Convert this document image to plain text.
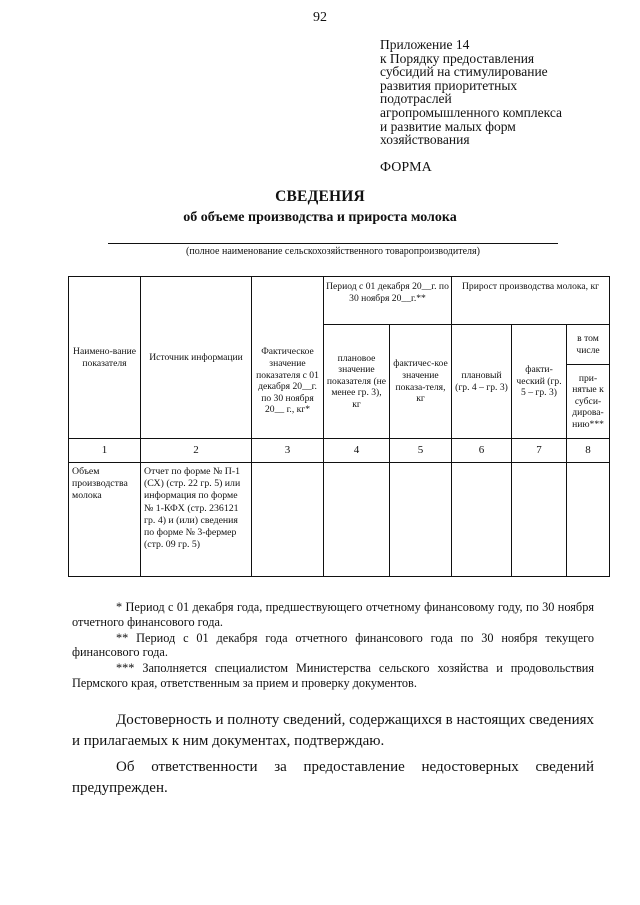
92
Приложение 14
к Порядку предоставления
субсидий на стимулирование
развития приоритетных
подотраслей
агропромышленного комплекса
и развитие малых форм
хозяйствования
ФОРМА
СВЕДЕНИЯ
об объеме производства и прироста молока
(полное наименование сельскохозяйственного товаропроизводителя)
Наимено-вание показателя	Источник информации	Фактическое значение показателя с 01 декабря 20__г. по 30 ноября 20__ г., кг*	Период с 01 декабря 20__г. по 30 ноября 20__г.**		Прирост производства молока, кг		
			плановое значение показателя (не менее гр. 3), кг	фактичес-кое значение показа-теля, кг	плановый (гр. 4 – гр. 3)	факти-ческий (гр. 5 – гр. 3)	в том числе
							при-нятые к субси-дирова-нию***
1	2	3	4	5	6	7	8
Объем производства молока	Отчет по форме № П-1 (СХ) (стр. 22 гр. 5) или информация по форме № 1-КФХ (стр. 236121 гр. 4) и (или) сведения по форме № 3-фермер (стр. 09 гр. 5)						

* Период с 01 декабря года, предшествующего отчетному финансовому году, по 30 ноября отчетного финансового года.

** Период с 01 декабря года отчетного финансового года по 30 ноября текущего финансового года.

*** Заполняется специалистом Министерства сельского хозяйства и продовольствия Пермского края, ответственным за прием и проверку документов.

Достоверность и полноту сведений, содержащихся в настоящих сведениях и прилагаемых к ним документах, подтверждаю.

Об ответственности за предоставление недостоверных сведений предупрежден.
